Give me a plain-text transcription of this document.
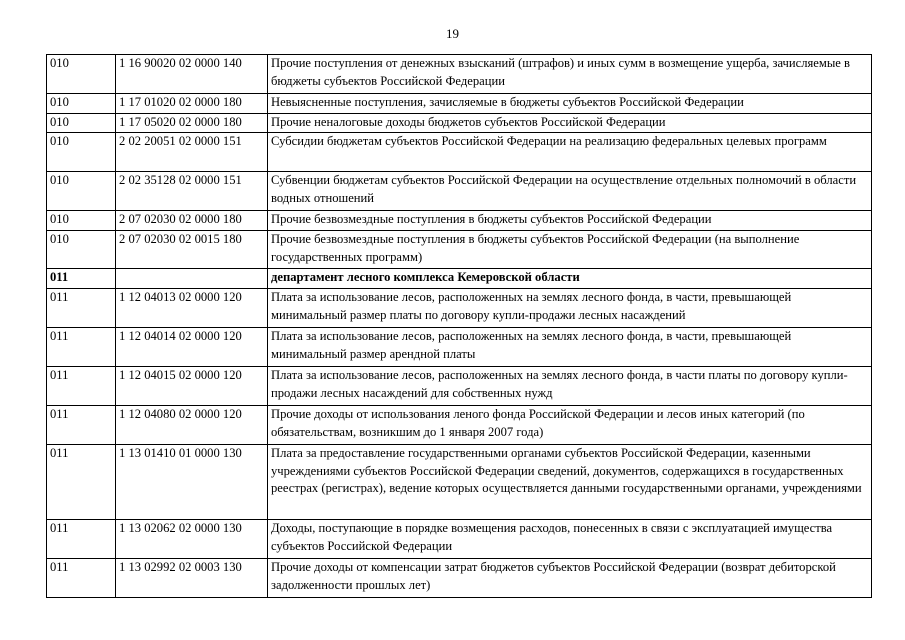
19
010	1 16 90020 02 0000 140	Прочие поступления от денежных взысканий (штрафов) и иных сумм в возмещение ущерба, зачисляемые в бюджеты субъектов Российской Федерации
010	1 17 01020 02 0000 180	Невыясненные поступления, зачисляемые в бюджеты субъектов Российской Федерации
010	1 17 05020 02 0000 180	Прочие неналоговые доходы бюджетов субъектов Российской Федерации
010	2 02 20051 02 0000 151	Субсидии бюджетам субъектов Российской Федерации на реализацию федеральных целевых программ
010	2 02 35128 02 0000 151	Субвенции бюджетам субъектов Российской Федерации на осуществление отдельных полномочий в области водных отношений
010	2 07 02030 02 0000 180	Прочие безвозмездные поступления в бюджеты субъектов Российской Федерации
010	2 07 02030 02 0015 180	Прочие безвозмездные поступления в бюджеты субъектов Российской Федерации (на выполнение государственных программ)
011		департамент лесного комплекса Кемеровской области
011	1 12 04013 02 0000 120	Плата за использование лесов, расположенных на землях лесного фонда, в части, превышающей минимальный размер платы по договору купли-продажи лесных насаждений
011	1 12 04014 02 0000 120	Плата за использование лесов, расположенных на землях лесного фонда, в части, превышающей минимальный размер арендной платы
011	1 12 04015 02 0000 120	Плата за использование лесов, расположенных на землях лесного фонда, в части платы по договору купли-продажи лесных насаждений для собственных нужд
011	1 12 04080 02 0000 120	Прочие доходы от использования леного фонда Российской Федерации и лесов иных категорий (по обязательствам, возникшим до 1 января 2007 года)
011	1 13 01410 01 0000 130	Плата за предоставление государственными органами субъектов Российской Федерации, казенными учреждениями субъектов Российской Федерации сведений, документов, содержащихся в государственных реестрах (регистрах), ведение которых осуществляется данными государственными органами, учреждениями
011	1 13 02062 02 0000 130	Доходы, поступающие в порядке возмещения расходов, понесенных в связи с эксплуатацией имущества субъектов Российской Федерации
011	1 13 02992 02 0003 130	Прочие доходы от компенсации затрат бюджетов субъектов Российской Федерации (возврат дебиторской задолженности прошлых лет)
